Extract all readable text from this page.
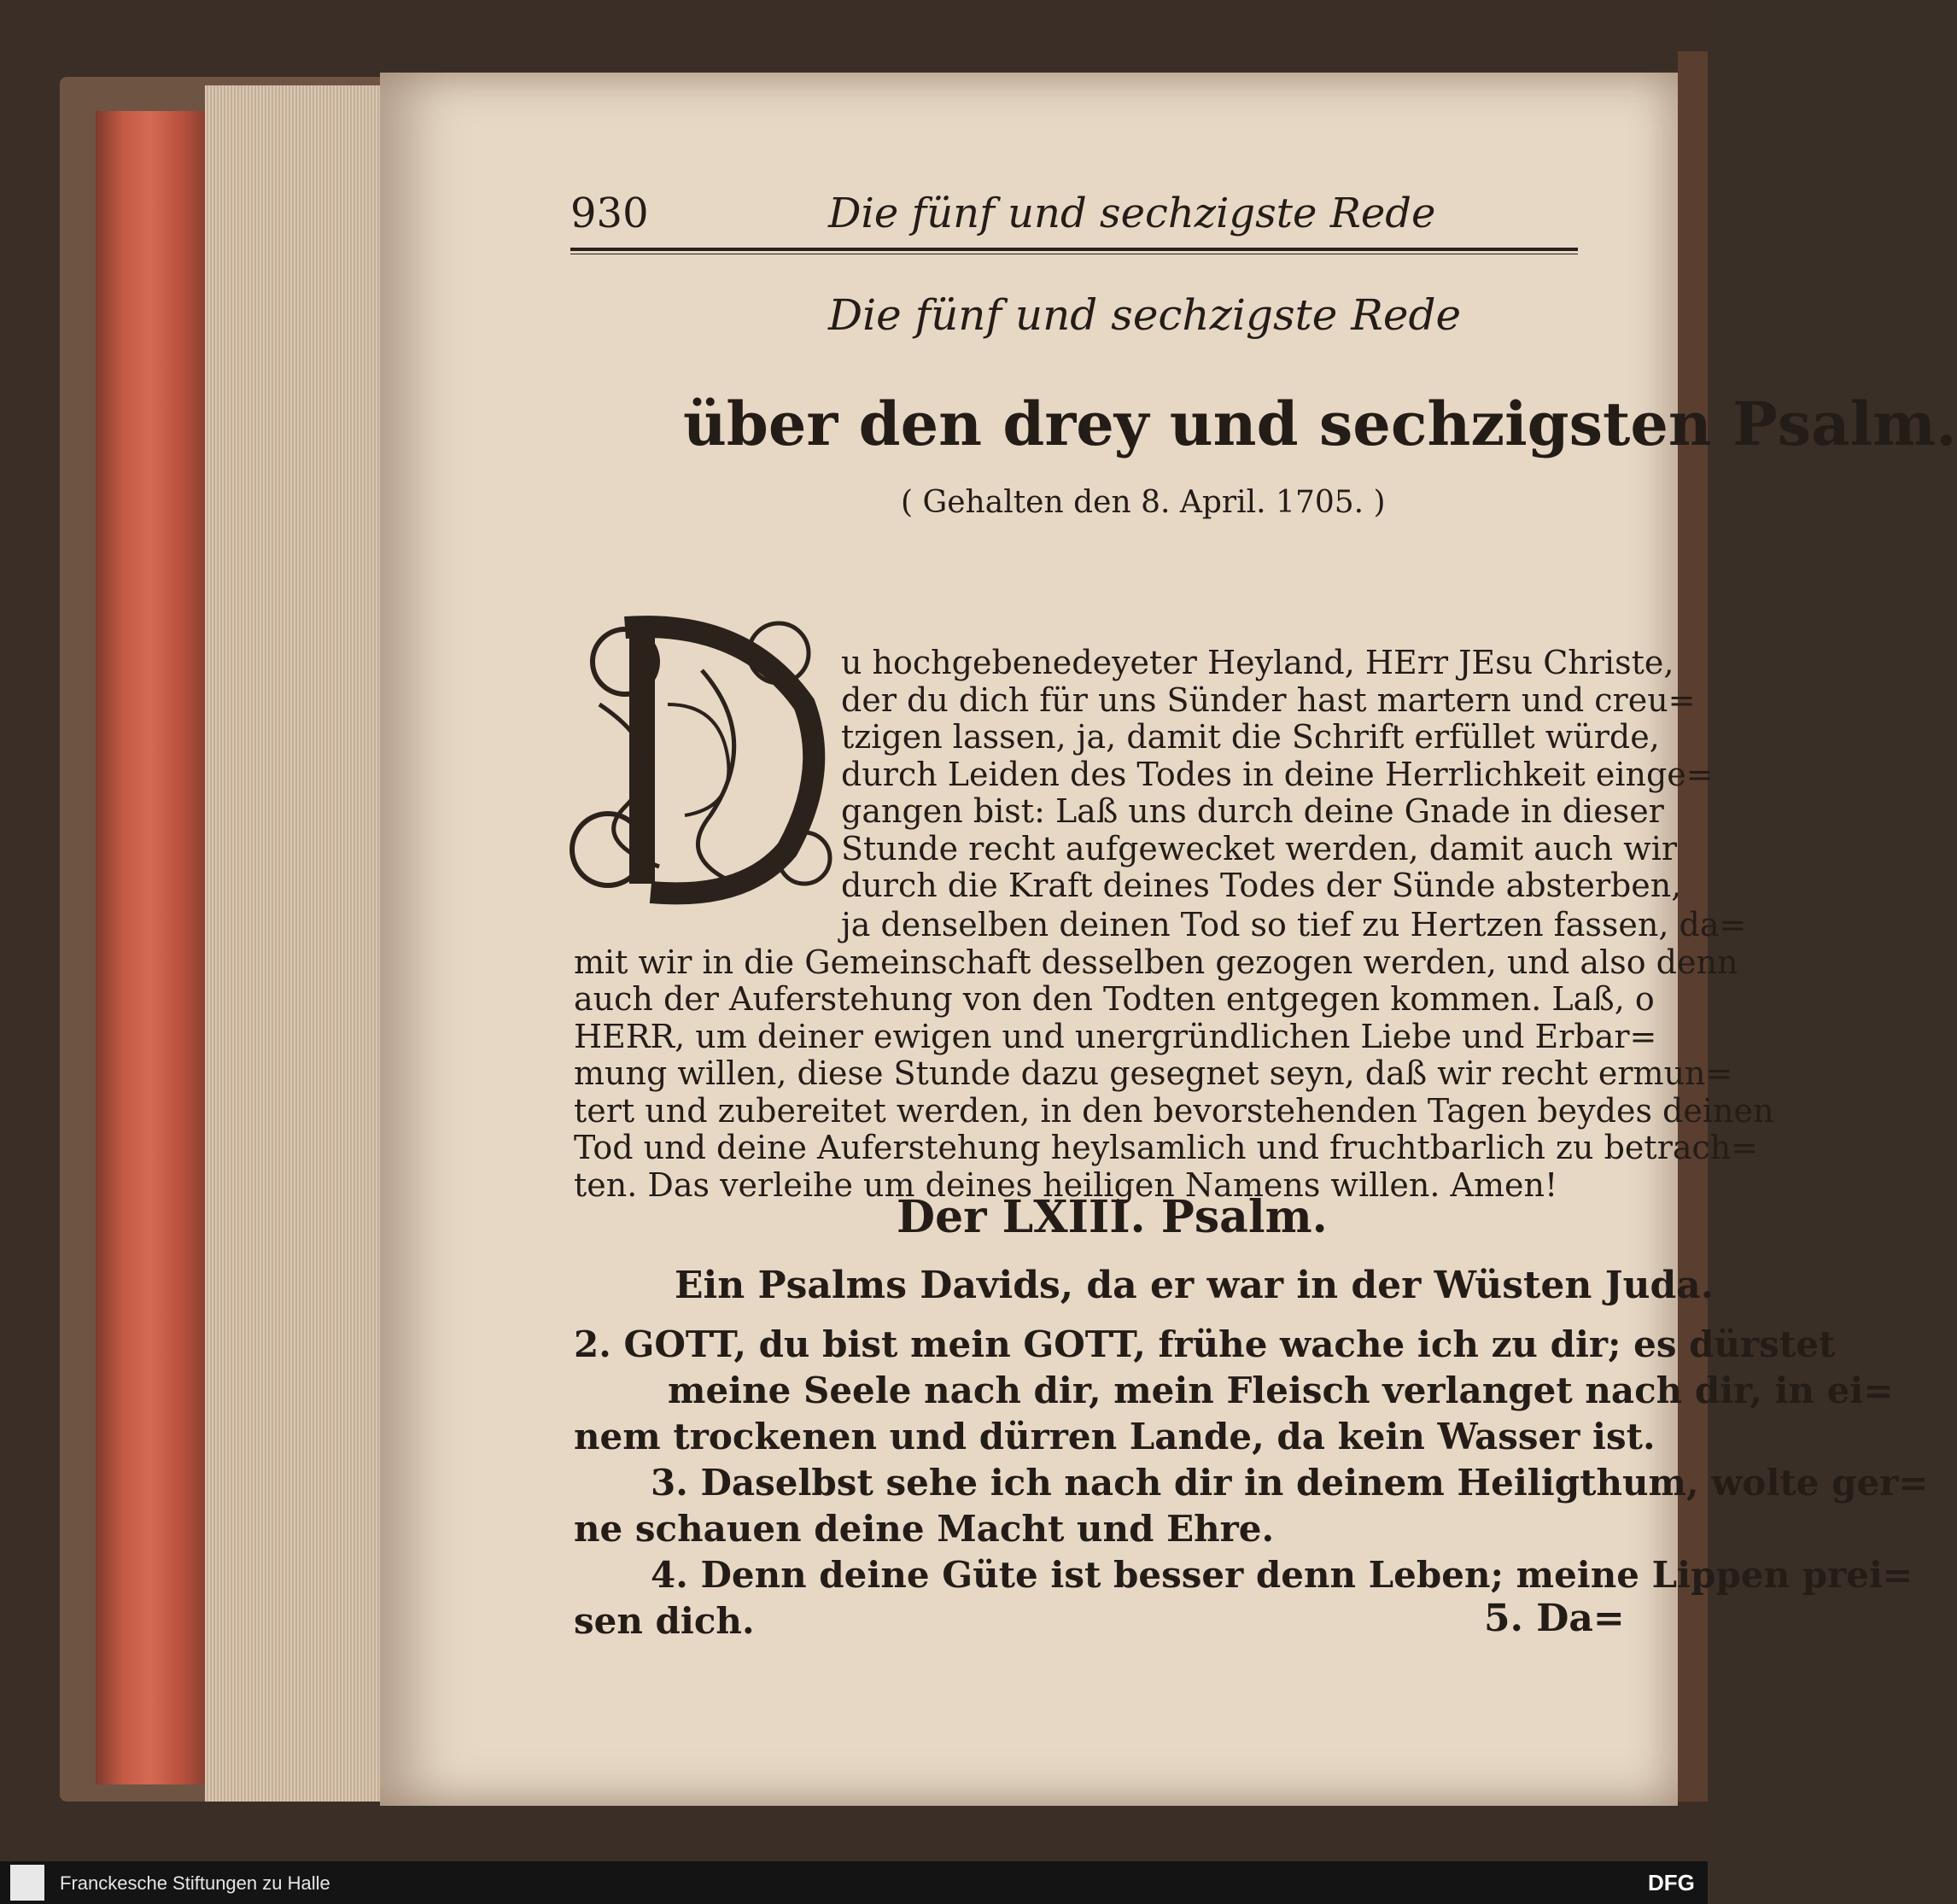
930	Die fünf und sechzigste Rede
Die fünf und sechzigste Rede
über den drey und sechzigsten Psalm.
( Gehalten den 8. April. 1705. )
u hochgebenedeyeter Heyland, HErr JEsu Christe,
der du dich für uns Sünder hast martern und creu=
tzigen lassen, ja, damit die Schrift erfüllet würde,
durch Leiden des Todes in deine Herrlichkeit einge=
gangen bist: Laß uns durch deine Gnade in dieser
Stunde recht aufgewecket werden, damit auch wir
durch die Kraft deines Todes der Sünde absterben,
ja denselben deinen Tod so tief zu Hertzen fassen, da=
mit wir in die Gemeinschaft desselben gezogen werden, und also denn
auch der Auferstehung von den Todten entgegen kommen. Laß, o
HERR, um deiner ewigen und unergründlichen Liebe und Erbar=
mung willen, diese Stunde dazu gesegnet seyn, daß wir recht ermun=
tert und zubereitet werden, in den bevorstehenden Tagen beydes deinen
Tod und deine Auferstehung heylsamlich und fruchtbarlich zu betrach=
ten. Das verleihe um deines heiligen Namens willen. Amen!
Der LXIII. Psalm.
Ein Psalms Davids, da er war in der Wüsten Juda.
2. GOTT, du bist mein GOTT, frühe wache ich zu dir; es dürstet
meine Seele nach dir, mein Fleisch verlanget nach dir, in ei=
nem trockenen und dürren Lande, da kein Wasser ist.
3. Daselbst sehe ich nach dir in deinem Heiligthum, wolte ger=
ne schauen deine Macht und Ehre.
4. Denn deine Güte ist besser denn Leben; meine Lippen prei=
sen dich.	5. Da=
Franckesche Stiftungen zu Halle	DFG
